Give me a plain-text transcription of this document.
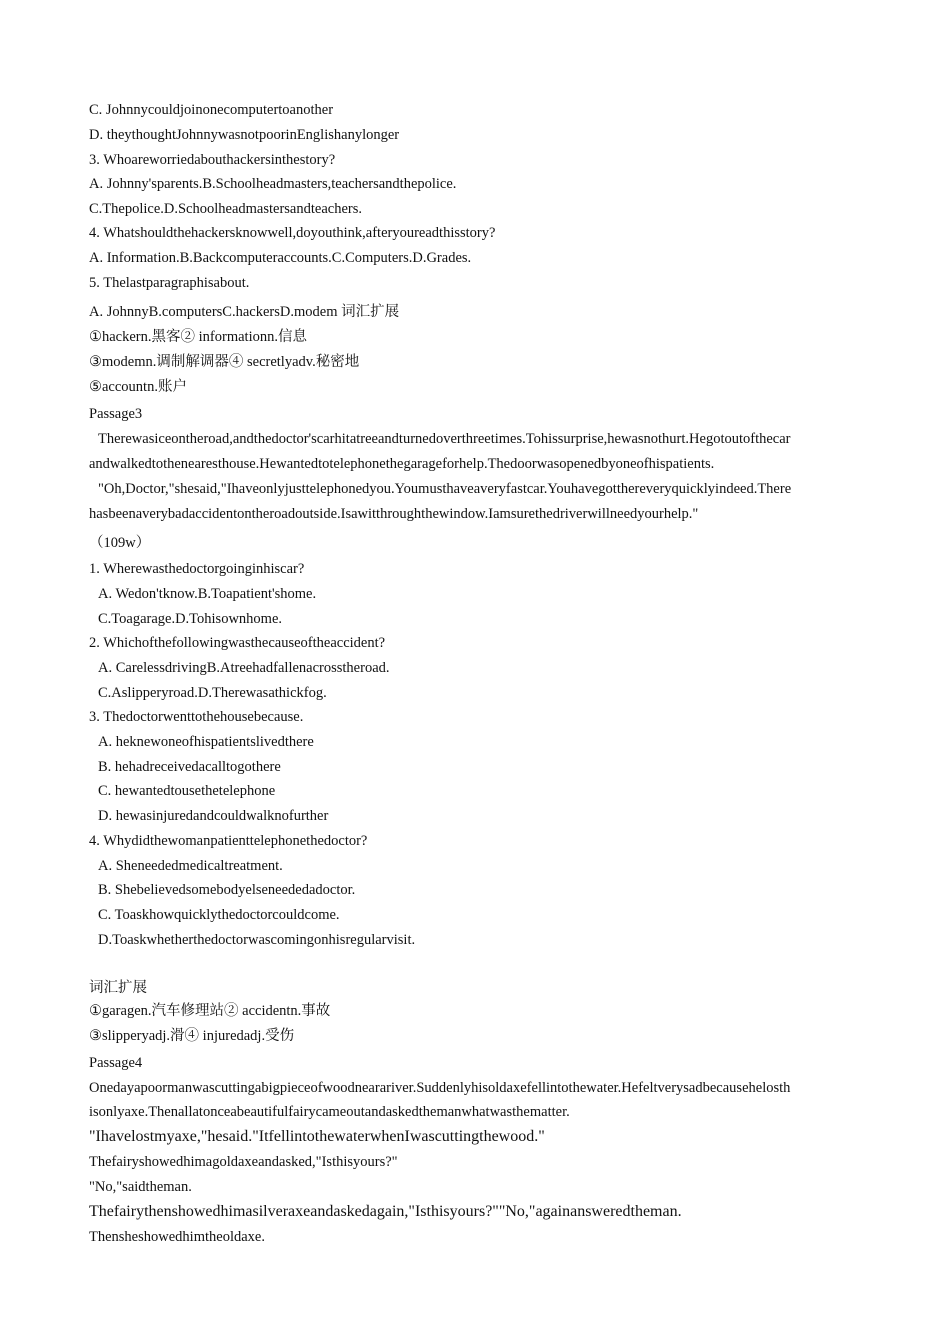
C. Johnnycouldjoinonecomputertoanother
D. theythoughtJohnnywasnotpoorinEnglishanylonger
3. Whoareworriedabouthackersinthestory?
A. Johnny'sparents.B.Schoolheadmasters,teachersandthepolice.
C.Thepolice.D.Schoolheadmastersandteachers.
4. Whatshouldthehackersknowwell,doyouthink,afteryoureadthisstory?
A. Information.B.Backcomputeraccounts.C.Computers.D.Grades.
5. Thelastparagraphisabout.
A. JohnnyB.computersC.hackersD.modem 词汇扩展
①hackern.黑客② informationn.信息
③modemn.调制解调器④ secretlyadv.秘密地
⑤accountn.账户
Passage3
Therewasiceontheroad,andthedoctor'scarhitatreeandturnedoverthreetimes.Tohissurprise,hewasnothurt.Hegotoutofthecar
andwalkedtothenearesthouse.Hewantedtotelephonethegarageforhelp.Thedoorwasopenedbyoneofhispatients.
"Oh,Doctor,"shesaid,"Ihaveonlyjusttelephonedyou.Youmusthaveaveryfastcar.Youhavegotthereveryquicklyindeed.There
hasbeenaverybadaccidentontheroadoutside.Isawitthroughthewindow.Iamsurethedriverwillneedyourhelp."
（109w）
1. Wherewasthedoctorgoinginhiscar?
A. Wedon'tknow.B.Toapatient'shome.
C.Toagarage.D.Tohisownhome.
2. Whichofthefollowingwasthecauseoftheaccident?
A. CarelessdrivingB.Atreehadfallenacrosstheroad.
C.Aslipperyroad.D.Therewasathickfog.
3. Thedoctorwenttothehousebecause.
A. heknewoneofhispatientslivedthere
B. hehadreceivedacalltogothere
C. hewantedtousethetelephone
D. hewasinjuredandcouldwalknofurther
4. Whydidthewomanpatienttelephonethedoctor?
A. Sheneededmedicaltreatment.
B. Shebelievedsomebodyelseneededadoctor.
C. Toaskhowquicklythedoctorcouldcome.
D.Toaskwhetherthedoctorwascomingonhisregularvisit.
词汇扩展
①garagen.汽车修理站② accidentn.事故
③slipperyadj.滑④ injuredadj.受伤
Passage4
Onedayapoormanwascuttingabigpieceofwoodnearariver.Suddenlyhisoldaxefellintothewater.Hefeltverysadbecausehelosth
isonlyaxe.Thenallatonceabeautifulfairycameoutandaskedthemanwhatwasthematter.
"Ihavelostmyaxe,"hesaid."ItfellintothewaterwhenIwascuttingthewood."
Thefairyshowedhimagoldaxeandasked,"Isthisyours?"
"No,"saidtheman.
Thefairythenshowedhimasilveraxeandaskedagain,"Isthisyours?""No,"againansweredtheman.
Thensheshowedhimtheoldaxe.
